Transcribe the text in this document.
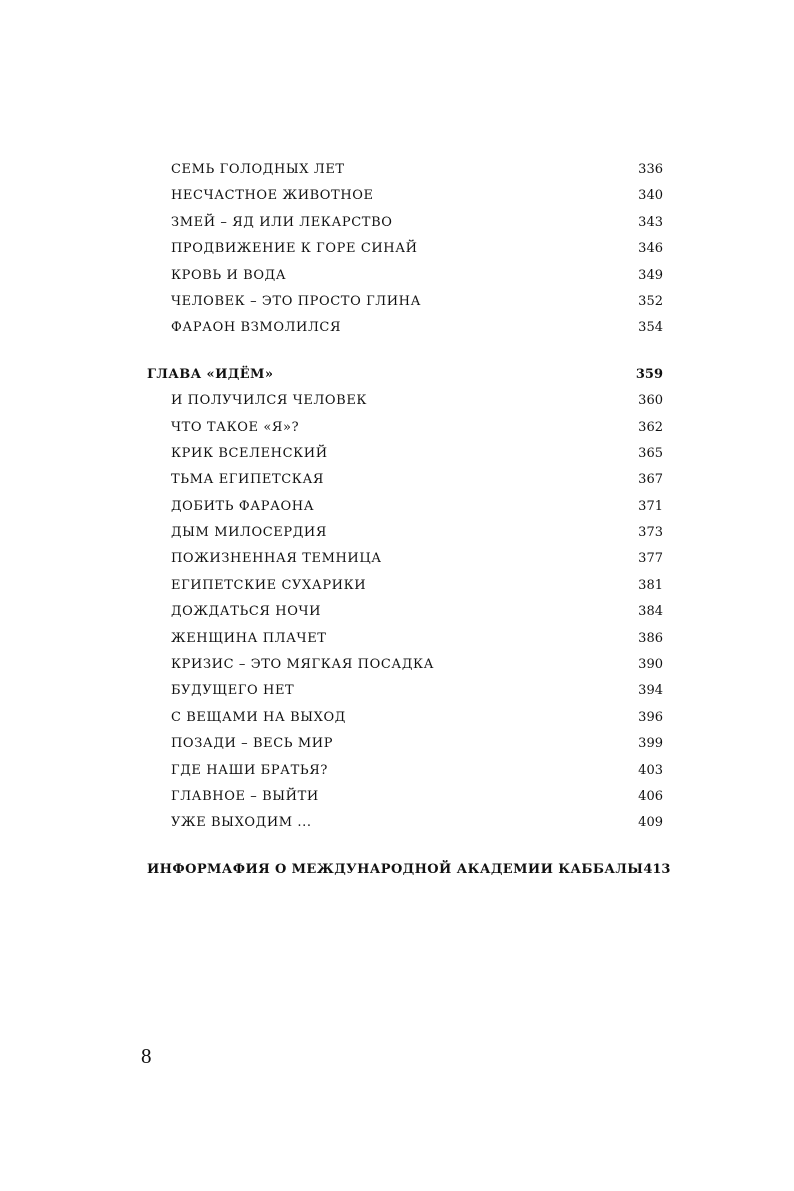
СЕМЬ ГОЛОДНЫХ ЛЕТ	336
НЕСЧАСТНОЕ ЖИВОТНОЕ	340
ЗМЕЙ – ЯД ИЛИ ЛЕКАРСТВО	343
ПРОДВИЖЕНИЕ К ГОРЕ СИНАЙ	346
КРОВЬ И ВОДА	349
ЧЕЛОВЕК – ЭТО ПРОСТО ГЛИНА	352
ФАРАОН ВЗМОЛИЛСЯ	354
ГЛАВА «ИДЁМ»	359
И ПОЛУЧИЛСЯ ЧЕЛОВЕК	360
ЧТО ТАКОЕ «Я»?	362
КРИК ВСЕЛЕНСКИЙ	365
ТЬМА ЕГИПЕТСКАЯ	367
ДОБИТЬ ФАРАОНА	371
ДЫМ МИЛОСЕРДИЯ	373
ПОЖИЗНЕННАЯ ТЕМНИЦА	377
ЕГИПЕТСКИЕ СУХАРИКИ	381
ДОЖДАТЬСЯ НОЧИ	384
ЖЕНЩИНА ПЛАЧЕТ	386
КРИЗИС – ЭТО МЯГКАЯ ПОСАДКА	390
БУДУЩЕГО НЕТ	394
С ВЕЩАМИ НА ВЫХОД	396
ПОЗАДИ – ВЕСЬ МИР	399
ГДЕ НАШИ БРАТЬЯ?	403
ГЛАВНОЕ – ВЫЙТИ	406
УЖЕ ВЫХОДИМ ...	409
ИНФОРМАФИЯ О МЕЖДУНАРОДНОЙ АКАДЕМИИ КАББАЛЫ 413
8
